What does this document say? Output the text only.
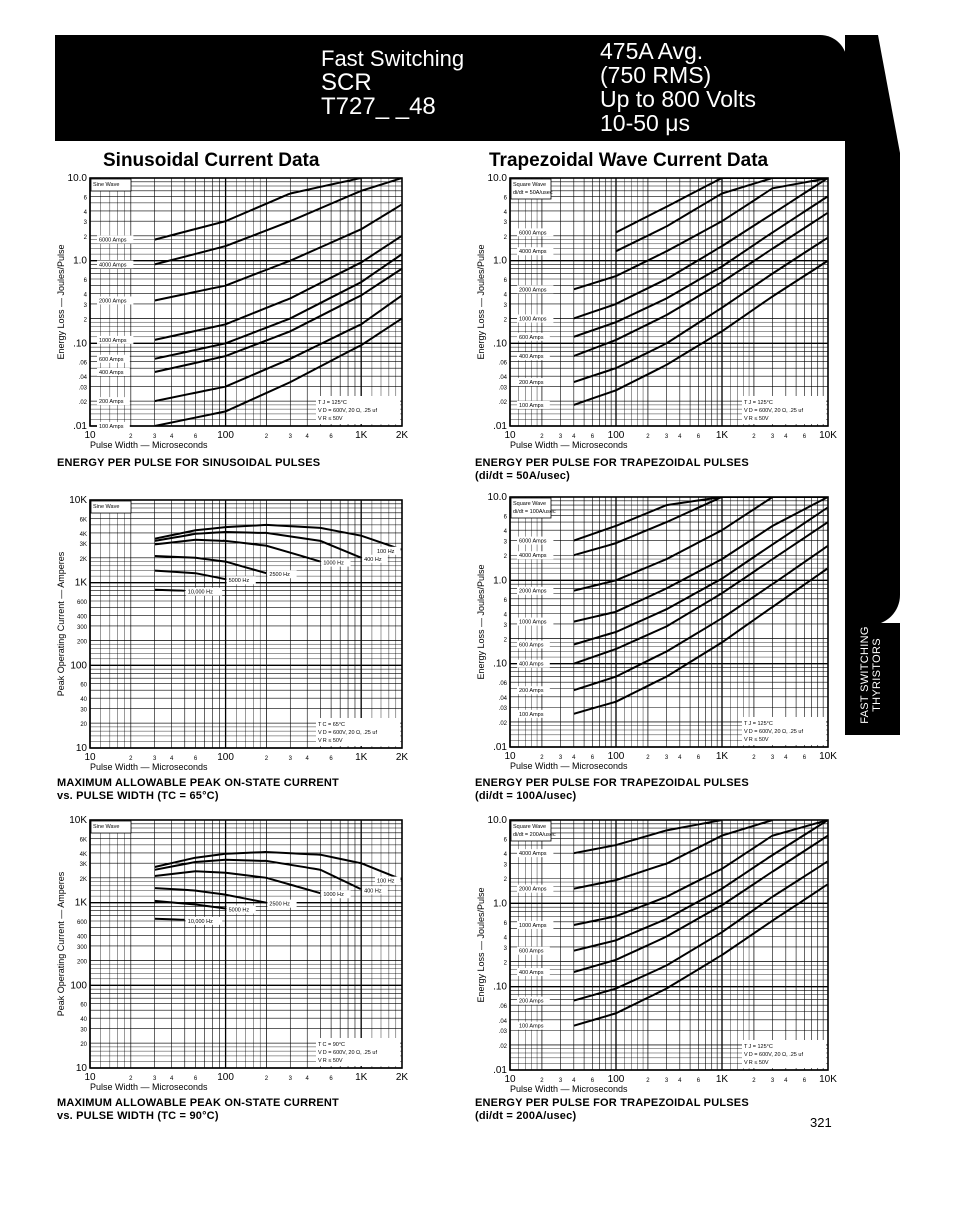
Fast Switching
SCR
T727_ _48
475A Avg.
(750 RMS)
Up to 800 Volts
10-50 μs
FAST SWITCHING THYRISTORS
Sinusoidal Current Data	Trapezoidal Wave Current Data
10.0
6
4
3
2
1.0
6
4
3
2
.10
.06
.04
.03
.02
.01
10	2	3 4	6 100	2	3 4	6 1K	2K
Pulse Width — Microseconds
Energy Loss — Joules/Pulse
Sine Wave
T J = 125°C
V D = 600V, 20 Ω, .25 uf
V R ≤ 50V
6000 Amps
4000 Amps
2000 Amps
1000 Amps
600 Amps
400 Amps
200 Amps
100 Amps
10.0
6
4
3
2
1.0
6
4
3
2
.10
.06
.04
.03
.02
.01
10	2	3 4	6 100	2	3 4	6 1K	2	3 4	6 10K
Pulse Width — Microseconds
Energy Loss — Joules/Pulse
Square Wave
di/dt = 50A/usec
T J = 125°C
V D = 600V, 20 Ω, .25 uf
V R ≤ 50V
6000 Amps
4000 Amps
2000 Amps
1000 Amps
600 Amps
400 Amps
200 Amps
100 Amps
10K
6K
4K
3K
2K
1K
600
400
300
200
100
60
40
30
20
10
10	2	3 4	6 100	2	3 4	6 1K	2K
Pulse Width — Microseconds
Peak Operating Current — Amperes
Sine Wave
T C = 65°C
V D = 600V, 20 Ω, .25 uf
V R ≤ 50V
100 Hz
400 Hz
1000 Hz
2500 Hz
5000 Hz
10,000 Hz
10.0
6
4
3
2
1.0
6
4
3
2
.10
.06
.04
.03
.02
.01
10	2	3 4	6 100	2	3 4	6 1K	2	3 4	6 10K
Pulse Width — Microseconds
Energy Loss — Joules/Pulse
Square Wave
di/dt = 100A/usec
T J = 125°C
V D = 600V, 20 Ω, .25 uf
V R ≤ 50V
6000 Amps
4000 Amps
2000 Amps
1000 Amps
600 Amps
400 Amps
200 Amps
100 Amps
10K
6K
4K
3K
2K
1K
600
400
300
200
100
60
40
30
20
10
10	2	3 4	6 100	2	3 4	6 1K	2K
Pulse Width — Microseconds
Peak Operating Current — Amperes
Sine Wave
T C = 90°C
V D = 600V, 20 Ω, .25 uf
V R ≤ 50V
100 Hz
400 Hz
1000 Hz
2500 Hz
5000 Hz
10,000 Hz
10.0
6
4
3
2
1.0
6
4
3
2
.10
.06
.04
.03
.02
.01
10	2	3 4	6 100	2	3 4	6 1K	2	3 4	6 10K
Pulse Width — Microseconds
Energy Loss — Joules/Pulse
Square Wave
di/dt = 200A/usec
T J = 125°C
V D = 600V, 20 Ω, .25 uf
V R ≤ 50V
4000 Amps
2000 Amps
1000 Amps
600 Amps
400 Amps
200 Amps
100 Amps
321
ENERGY PER PULSE FOR SINUSOIDAL PULSES	ENERGY PER PULSE FOR TRAPEZOIDAL PULSES
(di/dt = 50A/usec)
MAXIMUM ALLOWABLE PEAK ON-STATE CURRENT
vs. PULSE WIDTH (TC = 65°C)
ENERGY PER PULSE FOR TRAPEZOIDAL PULSES
(di/dt = 100A/usec)
MAXIMUM ALLOWABLE PEAK ON-STATE CURRENT
vs. PULSE WIDTH (TC = 90°C)
ENERGY PER PULSE FOR TRAPEZOIDAL PULSES
(di/dt = 200A/usec)
